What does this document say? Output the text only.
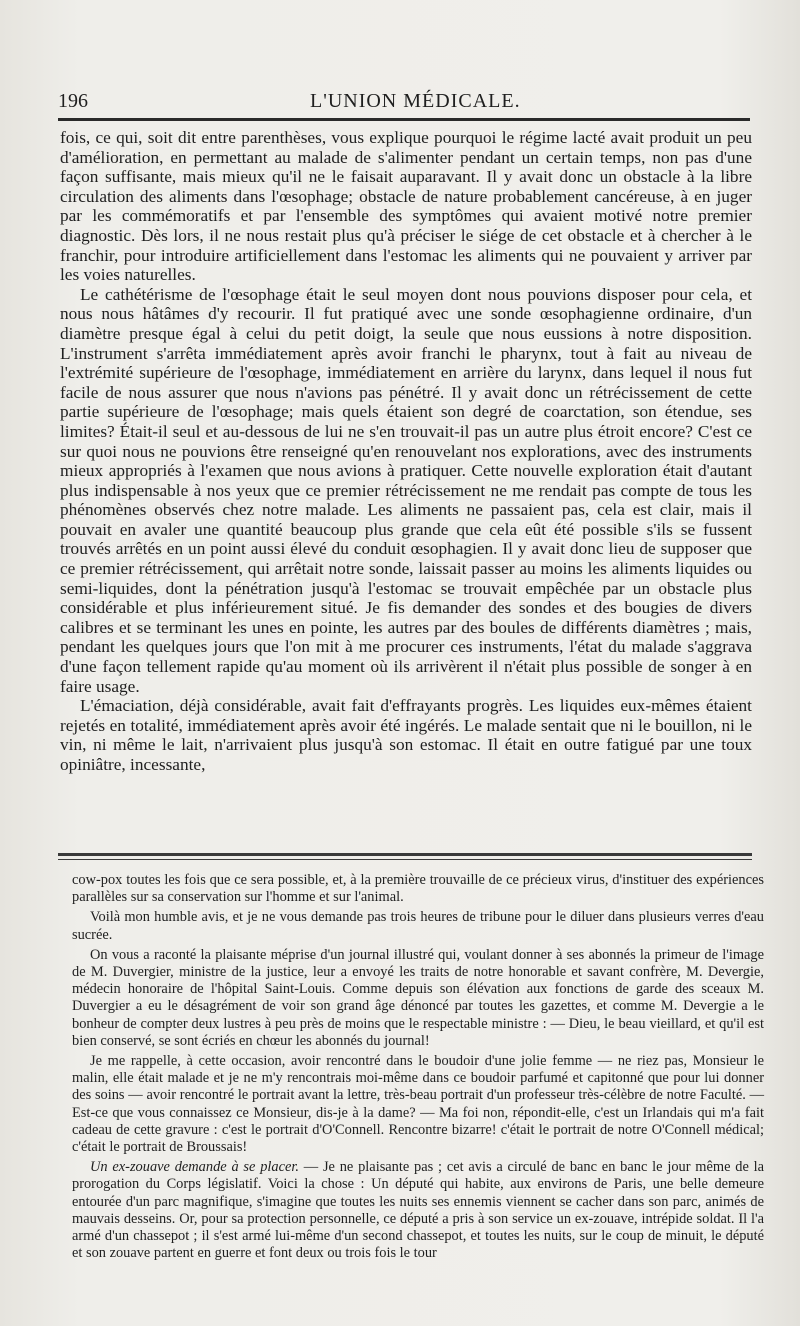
196	L'UNION MÉDICALE.

fois, ce qui, soit dit entre parenthèses, vous explique pourquoi le régime lacté avait produit un peu d'amélioration, en permettant au malade de s'alimenter pendant un certain temps, non pas d'une façon suffisante, mais mieux qu'il ne le faisait auparavant. Il y avait donc un obstacle à la libre circulation des aliments dans l'œsophage; obstacle de nature probablement cancéreuse, à en juger par les commémoratifs et par l'ensemble des symptômes qui avaient motivé notre premier diagnostic. Dès lors, il ne nous restait plus qu'à préciser le siége de cet obstacle et à chercher à le franchir, pour introduire artificiellement dans l'estomac les aliments qui ne pouvaient y arriver par les voies naturelles.

Le cathétérisme de l'œsophage était le seul moyen dont nous pouvions disposer pour cela, et nous nous hâtâmes d'y recourir. Il fut pratiqué avec une sonde œsophagienne ordinaire, d'un diamètre presque égal à celui du petit doigt, la seule que nous eussions à notre disposition. L'instrument s'arrêta immédiatement après avoir franchi le pharynx, tout à fait au niveau de l'extrémité supérieure de l'œsophage, immédiatement en arrière du larynx, dans lequel il nous fut facile de nous assurer que nous n'avions pas pénétré. Il y avait donc un rétrécissement de cette partie supérieure de l'œsophage; mais quels étaient son degré de coarctation, son étendue, ses limites? Était-il seul et au-dessous de lui ne s'en trouvait-il pas un autre plus étroit encore? C'est ce sur quoi nous ne pouvions être renseigné qu'en renouvelant nos explorations, avec des instruments mieux appropriés à l'examen que nous avions à pratiquer. Cette nouvelle exploration était d'autant plus indispensable à nos yeux que ce premier rétrécissement ne me rendait pas compte de tous les phénomènes observés chez notre malade. Les aliments ne passaient pas, cela est clair, mais il pouvait en avaler une quantité beaucoup plus grande que cela eût été possible s'ils se fussent trouvés arrêtés en un point aussi élevé du conduit œsophagien. Il y avait donc lieu de supposer que ce premier rétrécissement, qui arrêtait notre sonde, laissait passer au moins les aliments liquides ou semi-liquides, dont la pénétration jusqu'à l'estomac se trouvait empêchée par un obstacle plus considérable et plus inférieurement situé. Je fis demander des sondes et des bougies de divers calibres et se terminant les unes en pointe, les autres par des boules de différents diamètres ; mais, pendant les quelques jours que l'on mit à me procurer ces instruments, l'état du malade s'aggrava d'une façon tellement rapide qu'au moment où ils arrivèrent il n'était plus possible de songer à en faire usage.

L'émaciation, déjà considérable, avait fait d'effrayants progrès. Les liquides eux-mêmes étaient rejetés en totalité, immédiatement après avoir été ingérés. Le malade sentait que ni le bouillon, ni le vin, ni même le lait, n'arrivaient plus jusqu'à son estomac. Il était en outre fatigué par une toux opiniâtre, incessante,

cow-pox toutes les fois que ce sera possible, et, à la première trouvaille de ce précieux virus, d'instituer des expériences parallèles sur sa conservation sur l'homme et sur l'animal.

Voilà mon humble avis, et je ne vous demande pas trois heures de tribune pour le diluer dans plusieurs verres d'eau sucrée.

On vous a raconté la plaisante méprise d'un journal illustré qui, voulant donner à ses abonnés la primeur de l'image de M. Duvergier, ministre de la justice, leur a envoyé les traits de notre honorable et savant confrère, M. Devergie, médecin honoraire de l'hôpital Saint-Louis. Comme depuis son élévation aux fonctions de garde des sceaux M. Duvergier a eu le désagrément de voir son grand âge dénoncé par toutes les gazettes, et comme M. Devergie a le bonheur de compter deux lustres à peu près de moins que le respectable ministre : — Dieu, le beau vieillard, et qu'il est bien conservé, se sont écriés en chœur les abonnés du journal!

Je me rappelle, à cette occasion, avoir rencontré dans le boudoir d'une jolie femme — ne riez pas, Monsieur le malin, elle était malade et je ne m'y rencontrais moi-même dans ce boudoir parfumé et capitonné que pour lui donner des soins — avoir rencontré le portrait avant la lettre, très-beau portrait d'un professeur très-célèbre de notre Faculté. — Est-ce que vous connaissez ce Monsieur, dis-je à la dame? — Ma foi non, répondit-elle, c'est un Irlandais qui m'a fait cadeau de cette gravure : c'est le portrait d'O'Connell. Rencontre bizarre! c'était le portrait de notre O'Connell médical; c'était le portrait de Broussais!

Un ex-zouave demande à se placer. — Je ne plaisante pas ; cet avis a circulé de banc en banc le jour même de la prorogation du Corps législatif. Voici la chose : Un député qui habite, aux environs de Paris, une belle demeure entourée d'un parc magnifique, s'imagine que toutes les nuits ses ennemis viennent se cacher dans son parc, animés de mauvais desseins. Or, pour sa protection personnelle, ce député a pris à son service un ex-zouave, intrépide soldat. Il l'a armé d'un chassepot ; il s'est armé lui-même d'un second chassepot, et toutes les nuits, sur le coup de minuit, le député et son zouave partent en guerre et font deux ou trois fois le tour
